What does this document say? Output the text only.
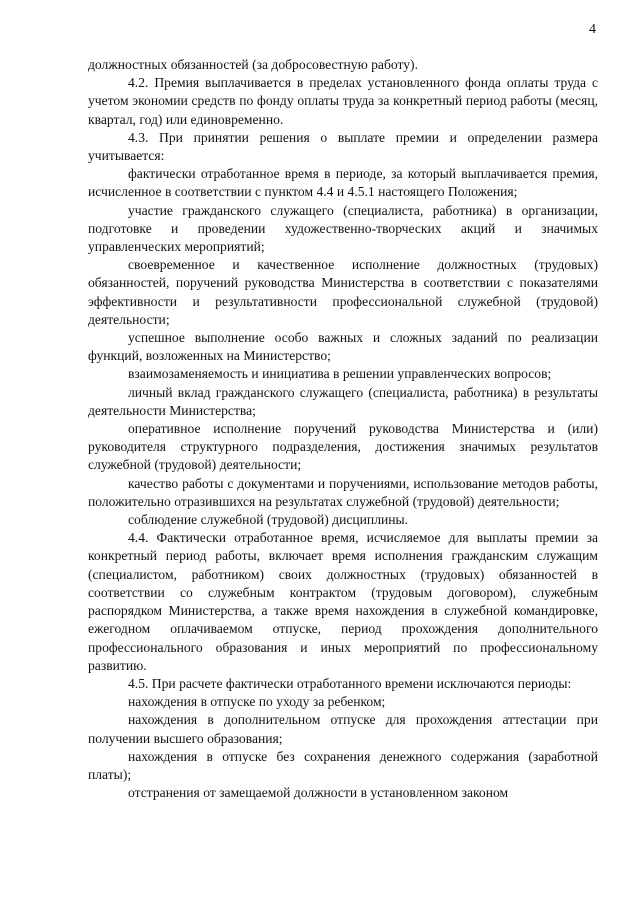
4

должностных обязанностей (за добросовестную работу).

4.2. Премия выплачивается в пределах установленного фонда оплаты труда с учетом экономии средств по фонду оплаты труда за конкретный период работы (месяц, квартал, год) или единовременно.

4.3. При принятии решения о выплате премии и определении размера учитывается:

фактически отработанное время в периоде, за который выплачивается премия, исчисленное в соответствии с пунктом 4.4 и 4.5.1 настоящего Положения;

участие гражданского служащего (специалиста, работника) в организации, подготовке и проведении художественно-творческих акций и значимых управленческих мероприятий;

своевременное и качественное исполнение должностных (трудовых) обязанностей, поручений руководства Министерства в соответствии с показателями эффективности и результативности профессиональной служебной (трудовой) деятельности;

успешное выполнение особо важных и сложных заданий по реализации функций, возложенных на Министерство;

взаимозаменяемость и инициатива в решении управленческих вопросов;

личный вклад гражданского служащего (специалиста, работника) в результаты деятельности Министерства;

оперативное исполнение поручений руководства Министерства и (или) руководителя структурного подразделения, достижения значимых результатов служебной (трудовой) деятельности;

качество работы с документами и поручениями, использование методов работы, положительно отразившихся на результатах служебной (трудовой) деятельности;

соблюдение служебной (трудовой) дисциплины.

4.4. Фактически отработанное время, исчисляемое для выплаты премии за конкретный период работы, включает время исполнения гражданским служащим (специалистом, работником) своих должностных (трудовых) обязанностей в соответствии со служебным контрактом (трудовым договором), служебным распорядком Министерства, а также время нахождения в служебной командировке, ежегодном оплачиваемом отпуске, период прохождения дополнительного профессионального образования и иных мероприятий по профессиональному развитию.

4.5. При расчете фактически отработанного времени исключаются периоды:

нахождения в отпуске по уходу за ребенком;

нахождения в дополнительном отпуске для прохождения аттестации при получении высшего образования;

нахождения в отпуске без сохранения денежного содержания (заработной платы);

отстранения от замещаемой должности в установленном законом
